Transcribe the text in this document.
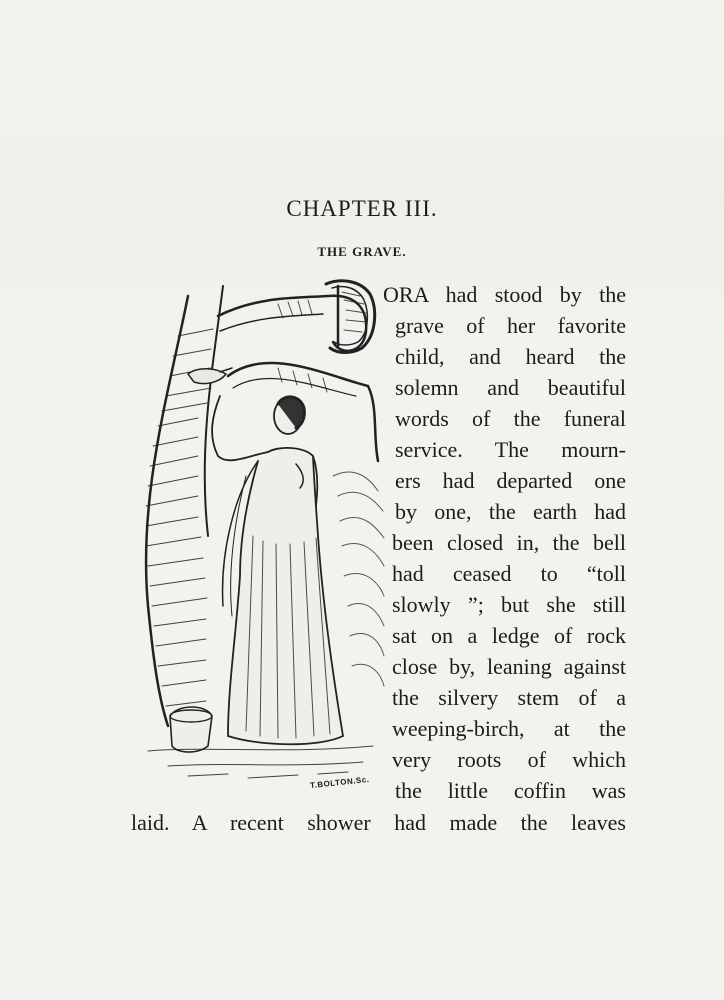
CHAPTER III.
THE GRAVE.
T.BOLTON.Sc.
ORA had stood by the
grave of her favorite
child, and heard the
solemn and beautiful
words of the funeral
service. The mourn-
ers had departed one
by one, the earth had
been closed in, the bell
had ceased to “toll
slowly ”; but she still
sat on a ledge of rock
close by, leaning against
the silvery stem of a
weeping-birch, at the
very roots of which
the little coffin was
laid. A recent shower had made the leaves
